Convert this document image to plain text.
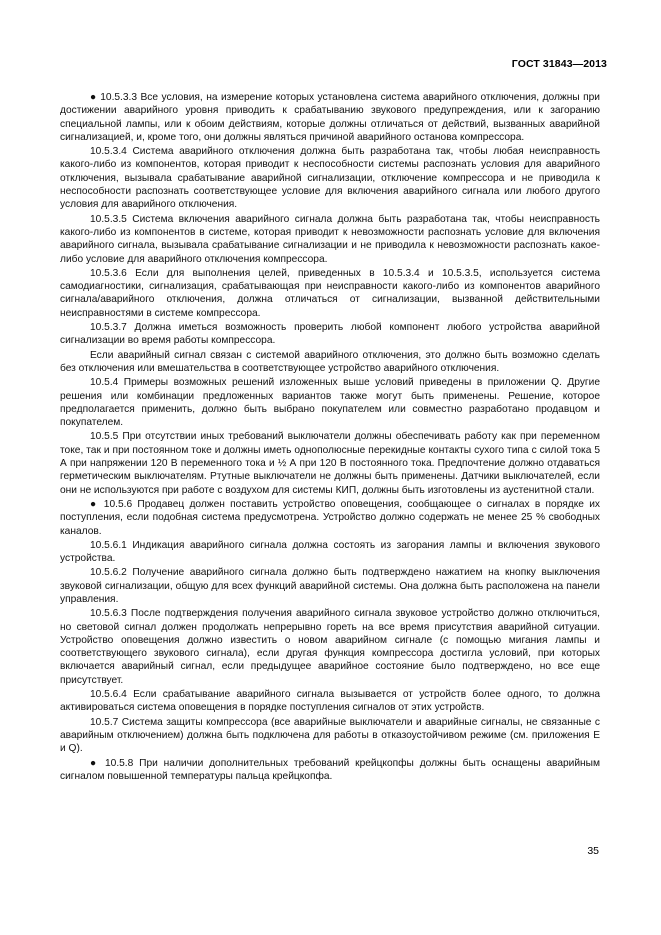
ГОСТ 31843—2013

● 10.5.3.3 Все условия, на измерение которых установлена система аварийного отключения, должны при достижении аварийного уровня приводить к срабатыванию звукового предупреждения, или к загоранию специальной лампы, или к обоим действиям, которые должны отличаться от действий, вызванных аварийной сигнализацией, и, кроме того, они должны являться причиной аварийного останова компрессора.

10.5.3.4 Система аварийного отключения должна быть разработана так, чтобы любая неисправность какого-либо из компонентов, которая приводит к неспособности системы распознать условия для аварийного отключения, вызывала срабатывание аварийной сигнализации, отключение компрессора и не приводила к неспособности распознать соответствующее условие для включения аварийного сигнала или любого другого условия для аварийного отключения.

10.5.3.5 Система включения аварийного сигнала должна быть разработана так, чтобы неисправность какого-либо из компонентов в системе, которая приводит к невозможности распознать условие для включения аварийного сигнала, вызывала срабатывание сигнализации и не приводила к невозможности распознать какое-либо условие для аварийного отключения компрессора.

10.5.3.6 Если для выполнения целей, приведенных в 10.5.3.4 и 10.5.3.5, используется система самодиагностики, сигнализация, срабатывающая при неисправности какого-либо из компонентов аварийного сигнала/аварийного отключения, должна отличаться от сигнализации, вызванной действительными неисправностями в системе компрессора.

10.5.3.7 Должна иметься возможность проверить любой компонент любого устройства аварийной сигнализации во время работы компрессора.

Если аварийный сигнал связан с системой аварийного отключения, это должно быть возможно сделать без отключения или вмешательства в соответствующее устройство аварийного отключения.

10.5.4 Примеры возможных решений изложенных выше условий приведены в приложении Q. Другие решения или комбинации предложенных вариантов также могут быть применены. Решение, которое предполагается применить, должно быть выбрано покупателем или совместно разработано продавцом и покупателем.

10.5.5 При отсутствии иных требований выключатели должны обеспечивать работу как при переменном токе, так и при постоянном токе и должны иметь однополюсные перекидные контакты сухого типа с силой тока 5 А при напряжении 120 В переменного тока и ½ А при 120 В постоянного тока. Предпочтение должно отдаваться герметическим выключателям. Ртутные выключатели не должны быть применены. Датчики выключателей, если они не используются при работе с воздухом для системы КИП, должны быть изготовлены из аустенитной стали.

● 10.5.6 Продавец должен поставить устройство оповещения, сообщающее о сигналах в порядке их поступления, если подобная система предусмотрена. Устройство должно содержать не менее 25 % свободных каналов.

10.5.6.1 Индикация аварийного сигнала должна состоять из загорания лампы и включения звукового устройства.

10.5.6.2 Получение аварийного сигнала должно быть подтверждено нажатием на кнопку выключения звуковой сигнализации, общую для всех функций аварийной системы. Она должна быть расположена на панели управления.

10.5.6.3 После подтверждения получения аварийного сигнала звуковое устройство должно отключиться, но световой сигнал должен продолжать непрерывно гореть на все время присутствия аварийной ситуации. Устройство оповещения должно известить о новом аварийном сигнале (с помощью мигания лампы и соответствующего звукового сигнала), если другая функция компрессора достигла условий, при которых включается аварийный сигнал, если предыдущее аварийное состояние было подтверждено, но все еще присутствует.

10.5.6.4 Если срабатывание аварийного сигнала вызывается от устройств более одного, то должна активироваться система оповещения в порядке поступления сигналов от этих устройств.

10.5.7 Система защиты компрессора (все аварийные выключатели и аварийные сигналы, не связанные с аварийным отключением) должна быть подключена для работы в отказоустойчивом режиме (см. приложения Е и Q).

● 10.5.8 При наличии дополнительных требований крейцкопфы должны быть оснащены аварийным сигналом повышенной температуры пальца крейцкопфа.

35
